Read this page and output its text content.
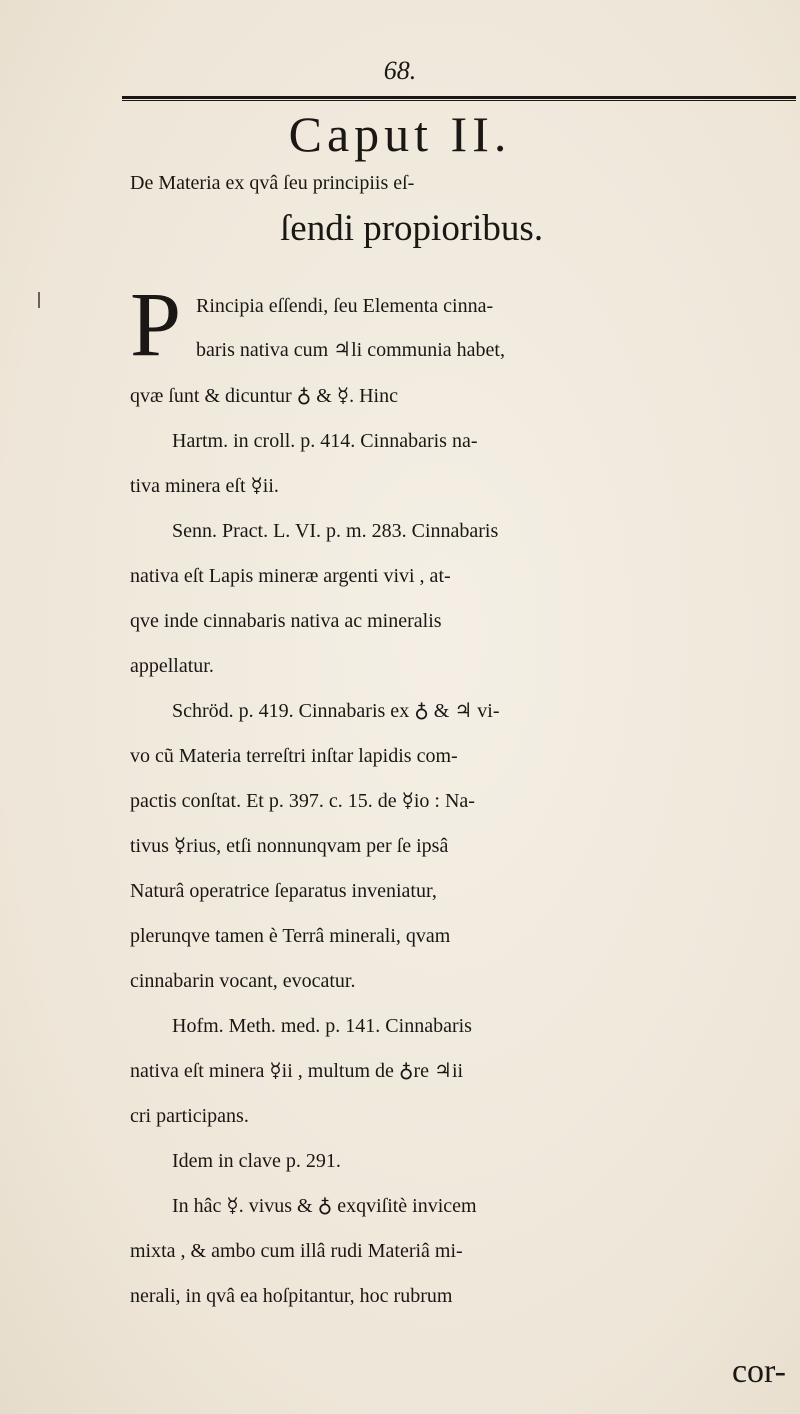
68.
Caput II.
De Materia ex qvâ ſeu principiis eſ-
ſendi propioribus.
P Rincipia eſſendi, ſeu Elementa cinna-
baris nativa cum ♃li communia habet,
qvæ ſunt & dicuntur ♁ & ☿. Hinc
Hartm. in croll. p. 414. Cinnabaris na-
tiva minera eſt ☿ii.
Senn. Pract. L. VI. p. m. 283. Cinnabaris
nativa eſt Lapis mineræ argenti vivi , at-
qve inde cinnabaris nativa ac mineralis
appellatur.
Schröd. p. 419. Cinnabaris ex ♁ & ♃ vi-
vo cũ Materia terreſtri inſtar lapidis com-
pactis conſtat. Et p. 397. c. 15. de ☿io : Na-
tivus ☿rius, etſi nonnunqvam per ſe ipsâ
Naturâ operatrice ſeparatus inveniatur,
plerunqve tamen è Terrâ minerali, qvam
cinnabarin vocant, evocatur.
Hofm. Meth. med. p. 141. Cinnabaris
nativa eſt minera ☿ii , multum de ♁re ♃ii
cri participans.
Idem in clave p. 291.
In hâc ☿. vivus & ♁ exqviſitè invicem
mixta , & ambo cum illâ rudi Materiâ mi-
nerali, in qvâ ea hoſpitantur, hoc rubrum
cor-
